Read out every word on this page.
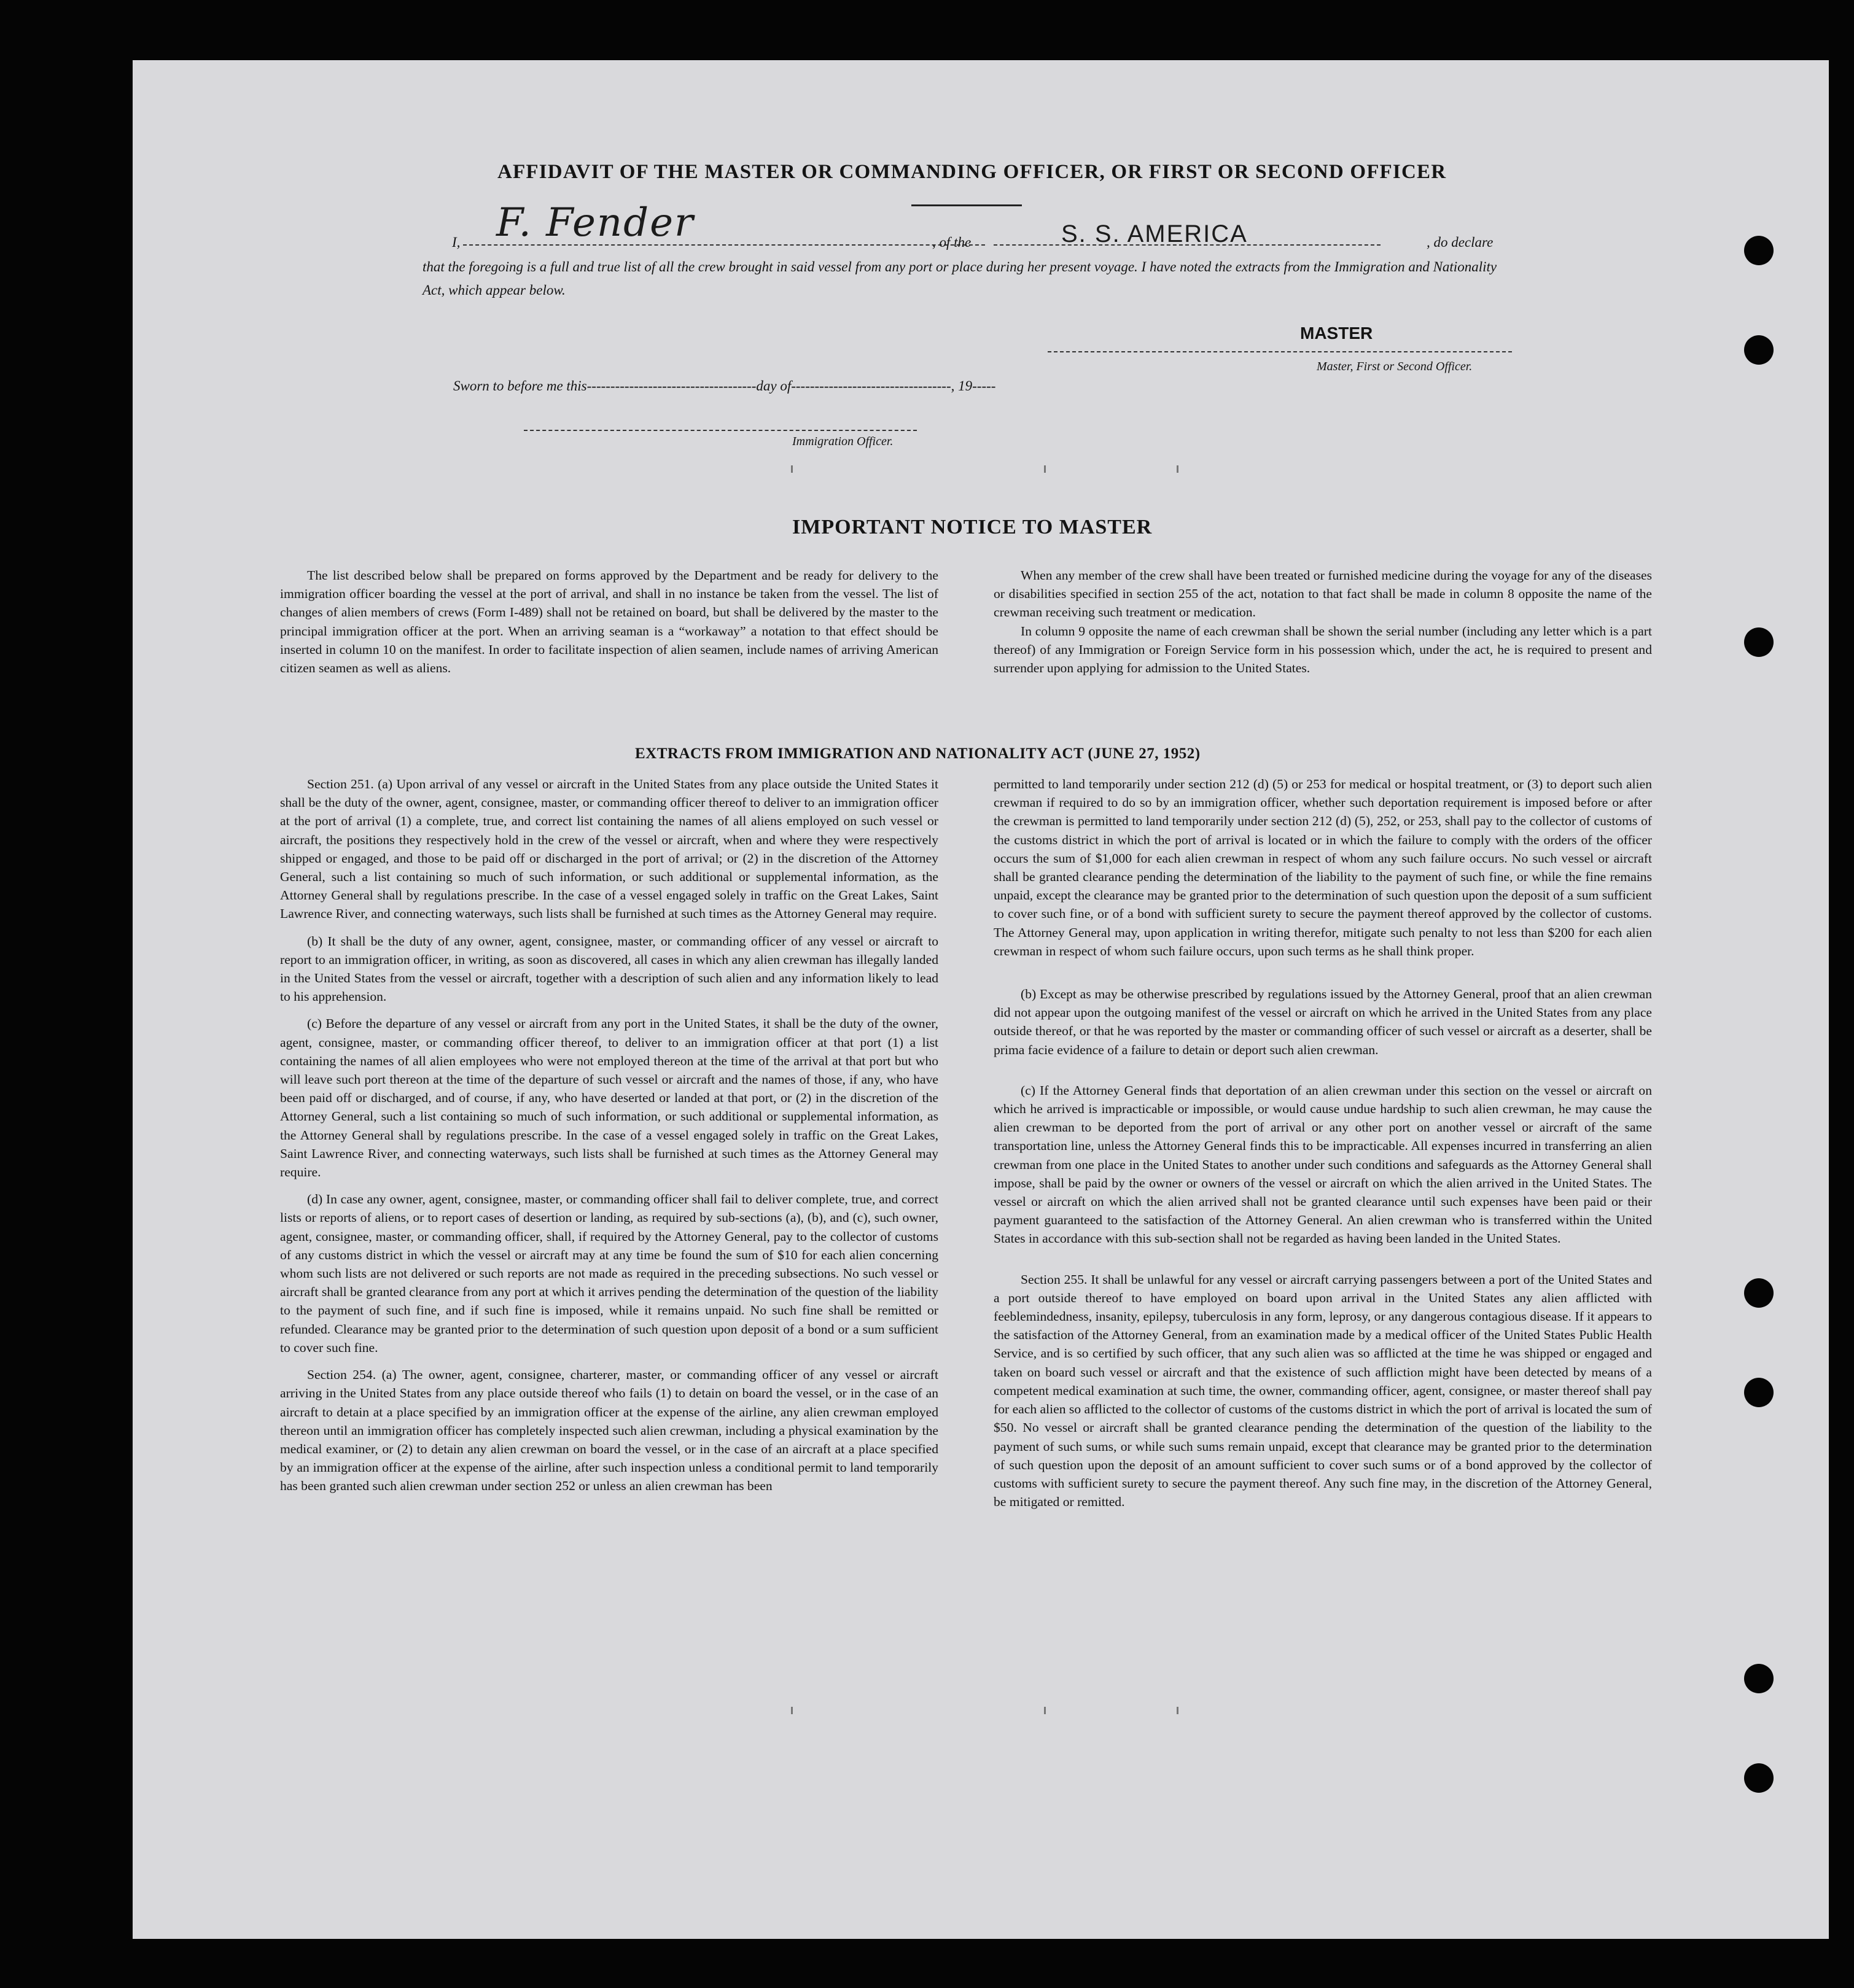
AFFIDAVIT OF THE MASTER OR COMMANDING OFFICER, OR FIRST OR SECOND OFFICER
I, F. Fender	, of the	S. S. AMERICA	, do declare
that the foregoing is a full and true list of all the crew brought in said vessel from any port or place during her present voyage. I have noted the extracts from the Immigration and Nationality Act, which appear below.
MASTER
Master, First or Second Officer.
Sworn to before me this------------------------------------day of----------------------------------, 19-----
Immigration Officer.
IMPORTANT NOTICE TO MASTER

The list described below shall be prepared on forms approved by the Department and be ready for delivery to the immigration officer boarding the vessel at the port of arrival, and shall in no instance be taken from the vessel. The list of changes of alien members of crews (Form I-489) shall not be retained on board, but shall be delivered by the master to the principal immigration officer at the port. When an arriving seaman is a “workaway” a notation to that effect should be inserted in column 10 on the manifest. In order to facilitate inspection of alien seamen, include names of arriving American citizen seamen as well as aliens.

When any member of the crew shall have been treated or furnished medicine during the voyage for any of the diseases or disabilities specified in section 255 of the act, notation to that fact shall be made in column 8 opposite the name of the crewman receiving such treatment or medication.

In column 9 opposite the name of each crewman shall be shown the serial number (including any letter which is a part thereof) of any Immigration or Foreign Service form in his possession which, under the act, he is required to present and surrender upon applying for admission to the United States.

EXTRACTS FROM IMMIGRATION AND NATIONALITY ACT (JUNE 27, 1952)

Section 251. (a) Upon arrival of any vessel or aircraft in the United States from any place outside the United States it shall be the duty of the owner, agent, consignee, master, or commanding officer thereof to deliver to an immigration officer at the port of arrival (1) a complete, true, and correct list containing the names of all aliens employed on such vessel or aircraft, the positions they respectively hold in the crew of the vessel or aircraft, when and where they were respectively shipped or engaged, and those to be paid off or discharged in the port of arrival; or (2) in the discretion of the Attorney General, such a list containing so much of such information, or such additional or supplemental information, as the Attorney General shall by regulations prescribe. In the case of a vessel engaged solely in traffic on the Great Lakes, Saint Lawrence River, and connecting waterways, such lists shall be furnished at such times as the Attorney General may require.

(b) It shall be the duty of any owner, agent, consignee, master, or commanding officer of any vessel or aircraft to report to an immigration officer, in writing, as soon as discovered, all cases in which any alien crewman has illegally landed in the United States from the vessel or aircraft, together with a description of such alien and any information likely to lead to his apprehension.

(c) Before the departure of any vessel or aircraft from any port in the United States, it shall be the duty of the owner, agent, consignee, master, or commanding officer thereof, to deliver to an immigration officer at that port (1) a list containing the names of all alien employees who were not employed thereon at the time of the arrival at that port but who will leave such port thereon at the time of the departure of such vessel or aircraft and the names of those, if any, who have been paid off or discharged, and of course, if any, who have deserted or landed at that port, or (2) in the discretion of the Attorney General, such a list containing so much of such information, or such additional or supplemental information, as the Attorney General shall by regulations prescribe. In the case of a vessel engaged solely in traffic on the Great Lakes, Saint Lawrence River, and connecting waterways, such lists shall be furnished at such times as the Attorney General may require.

(d) In case any owner, agent, consignee, master, or commanding officer shall fail to deliver complete, true, and correct lists or reports of aliens, or to report cases of desertion or landing, as required by sub-sections (a), (b), and (c), such owner, agent, consignee, master, or commanding officer, shall, if required by the Attorney General, pay to the collector of customs of any customs district in which the vessel or aircraft may at any time be found the sum of $10 for each alien concerning whom such lists are not delivered or such reports are not made as required in the preceding subsections. No such vessel or aircraft shall be granted clearance from any port at which it arrives pending the determination of the question of the liability to the payment of such fine, and if such fine is imposed, while it remains unpaid. No such fine shall be remitted or refunded. Clearance may be granted prior to the determination of such question upon deposit of a bond or a sum sufficient to cover such fine.

Section 254. (a) The owner, agent, consignee, charterer, master, or commanding officer of any vessel or aircraft arriving in the United States from any place outside thereof who fails (1) to detain on board the vessel, or in the case of an aircraft to detain at a place specified by an immigration officer at the expense of the airline, any alien crewman employed thereon until an immigration officer has completely inspected such alien crewman, including a physical examination by the medical examiner, or (2) to detain any alien crewman on board the vessel, or in the case of an aircraft at a place specified by an immigration officer at the expense of the airline, after such inspection unless a conditional permit to land temporarily has been granted such alien crewman under section 252 or unless an alien crewman has been

permitted to land temporarily under section 212 (d) (5) or 253 for medical or hospital treatment, or (3) to deport such alien crewman if required to do so by an immigration officer, whether such deportation requirement is imposed before or after the crewman is permitted to land temporarily under section 212 (d) (5), 252, or 253, shall pay to the collector of customs of the customs district in which the port of arrival is located or in which the failure to comply with the orders of the officer occurs the sum of $1,000 for each alien crewman in respect of whom any such failure occurs. No such vessel or aircraft shall be granted clearance pending the determination of the liability to the payment of such fine, or while the fine remains unpaid, except the clearance may be granted prior to the determination of such question upon the deposit of a sum sufficient to cover such fine, or of a bond with sufficient surety to secure the payment thereof approved by the collector of customs. The Attorney General may, upon application in writing therefor, mitigate such penalty to not less than $200 for each alien crewman in respect of whom such failure occurs, upon such terms as he shall think proper.

(b) Except as may be otherwise prescribed by regulations issued by the Attorney General, proof that an alien crewman did not appear upon the outgoing manifest of the vessel or aircraft on which he arrived in the United States from any place outside thereof, or that he was reported by the master or commanding officer of such vessel or aircraft as a deserter, shall be prima facie evidence of a failure to detain or deport such alien crewman.

(c) If the Attorney General finds that deportation of an alien crewman under this section on the vessel or aircraft on which he arrived is impracticable or impossible, or would cause undue hardship to such alien crewman, he may cause the alien crewman to be deported from the port of arrival or any other port on another vessel or aircraft of the same transportation line, unless the Attorney General finds this to be impracticable. All expenses incurred in transferring an alien crewman from one place in the United States to another under such conditions and safeguards as the Attorney General shall impose, shall be paid by the owner or owners of the vessel or aircraft on which the alien arrived in the United States. The vessel or aircraft on which the alien arrived shall not be granted clearance until such expenses have been paid or their payment guaranteed to the satisfaction of the Attorney General. An alien crewman who is transferred within the United States in accordance with this sub-section shall not be regarded as having been landed in the United States.

Section 255. It shall be unlawful for any vessel or aircraft carrying passengers between a port of the United States and a port outside thereof to have employed on board upon arrival in the United States any alien afflicted with feeblemindedness, insanity, epilepsy, tuberculosis in any form, leprosy, or any dangerous contagious disease. If it appears to the satisfaction of the Attorney General, from an examination made by a medical officer of the United States Public Health Service, and is so certified by such officer, that any such alien was so afflicted at the time he was shipped or engaged and taken on board such vessel or aircraft and that the existence of such affliction might have been detected by means of a competent medical examination at such time, the owner, commanding officer, agent, consignee, or master thereof shall pay for each alien so afflicted to the collector of customs of the customs district in which the port of arrival is located the sum of $50. No vessel or aircraft shall be granted clearance pending the determination of the question of the liability to the payment of such sums, or while such sums remain unpaid, except that clearance may be granted prior to the determination of such question upon the deposit of an amount sufficient to cover such sums or of a bond approved by the collector of customs with sufficient surety to secure the payment thereof. Any such fine may, in the discretion of the Attorney General, be mitigated or remitted.
